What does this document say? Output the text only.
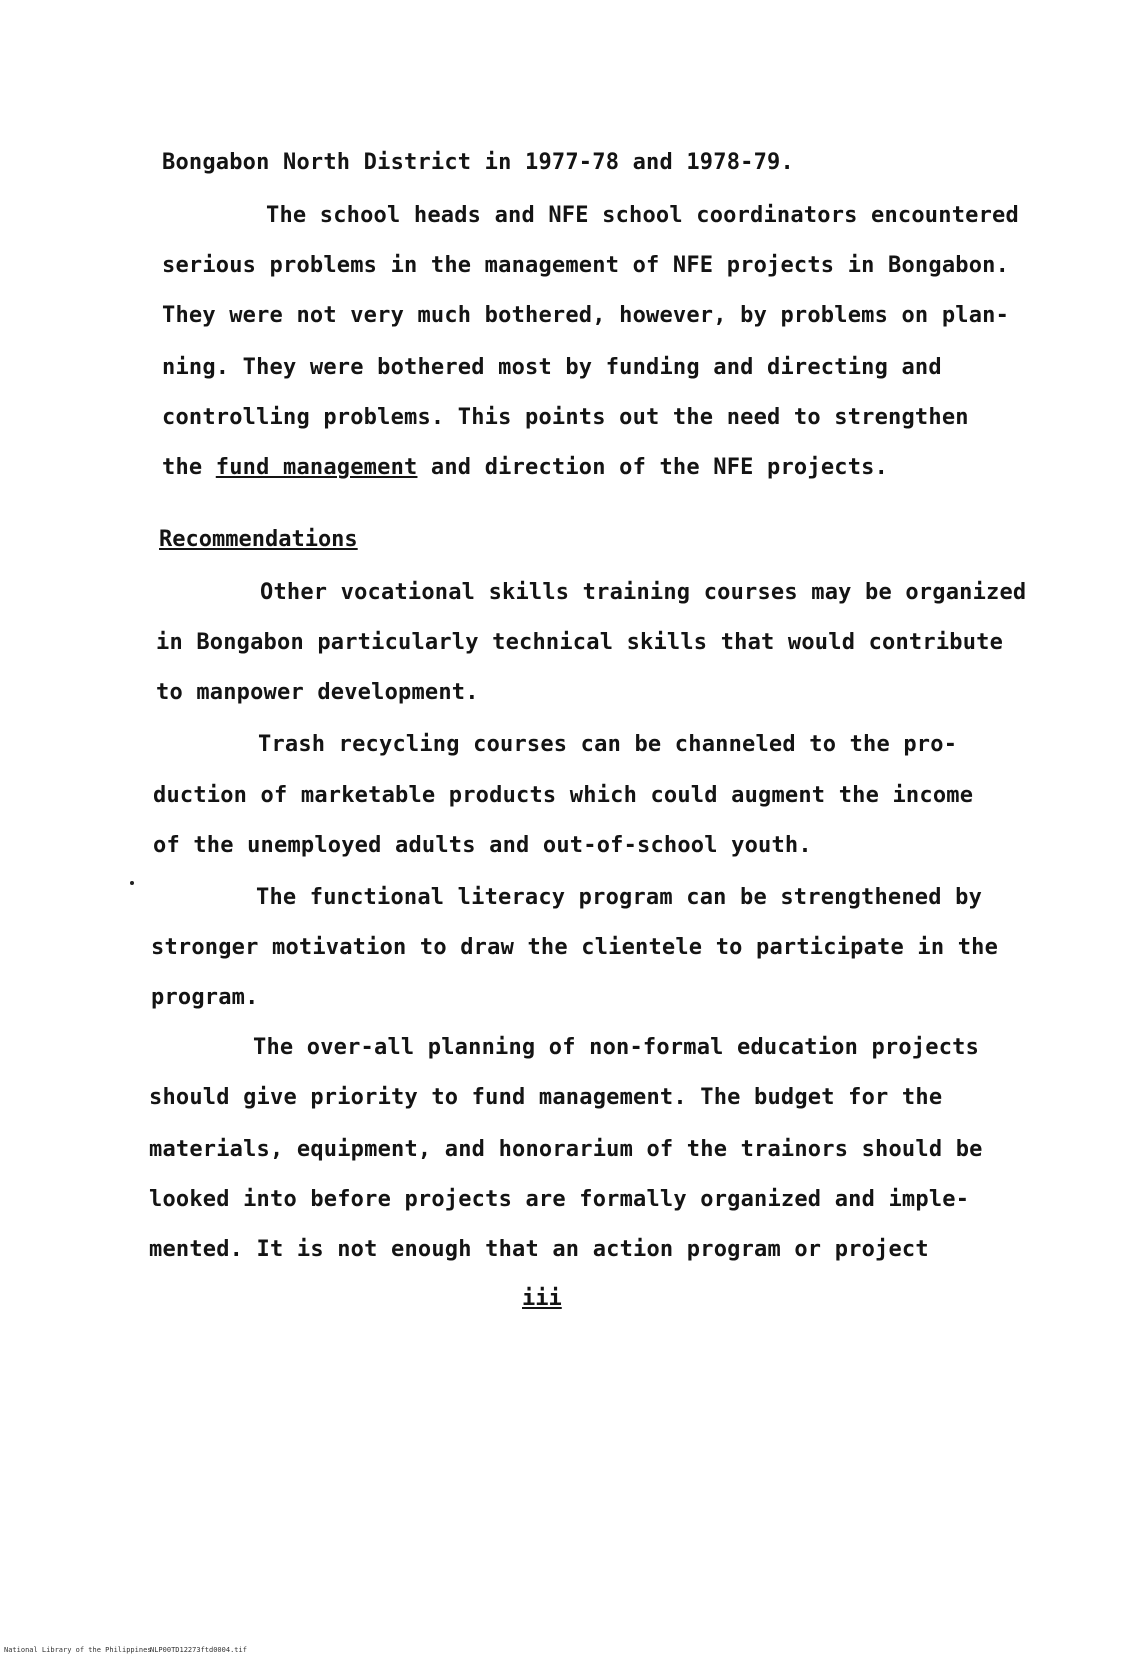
Bongabon North District in 1977-78 and 1978-79.
The school heads and NFE school coordinators encountered
serious problems in the management of NFE projects in Bongabon.
They were not very much bothered, however, by problems on plan-
ning. They were bothered most by funding and directing and
controlling problems. This points out the need to strengthen
the fund management and direction of the NFE projects.
Recommendations
Other vocational skills training courses may be organized
in Bongabon particularly technical skills that would contribute
to manpower development.
Trash recycling courses can be channeled to the pro-
duction of marketable products which could augment the income
of the unemployed adults and out-of-school youth.
The functional literacy program can be strengthened by
stronger motivation to draw the clientele to participate in the
program.
The over-all planning of non-formal education projects
should give priority to fund management. The budget for the
materials, equipment, and honorarium of the trainors should be
looked into before projects are formally organized and imple-
mented. It is not enough that an action program or project
iii
National Library of the Philippines
NLP00TD12273ftd0004.tif
